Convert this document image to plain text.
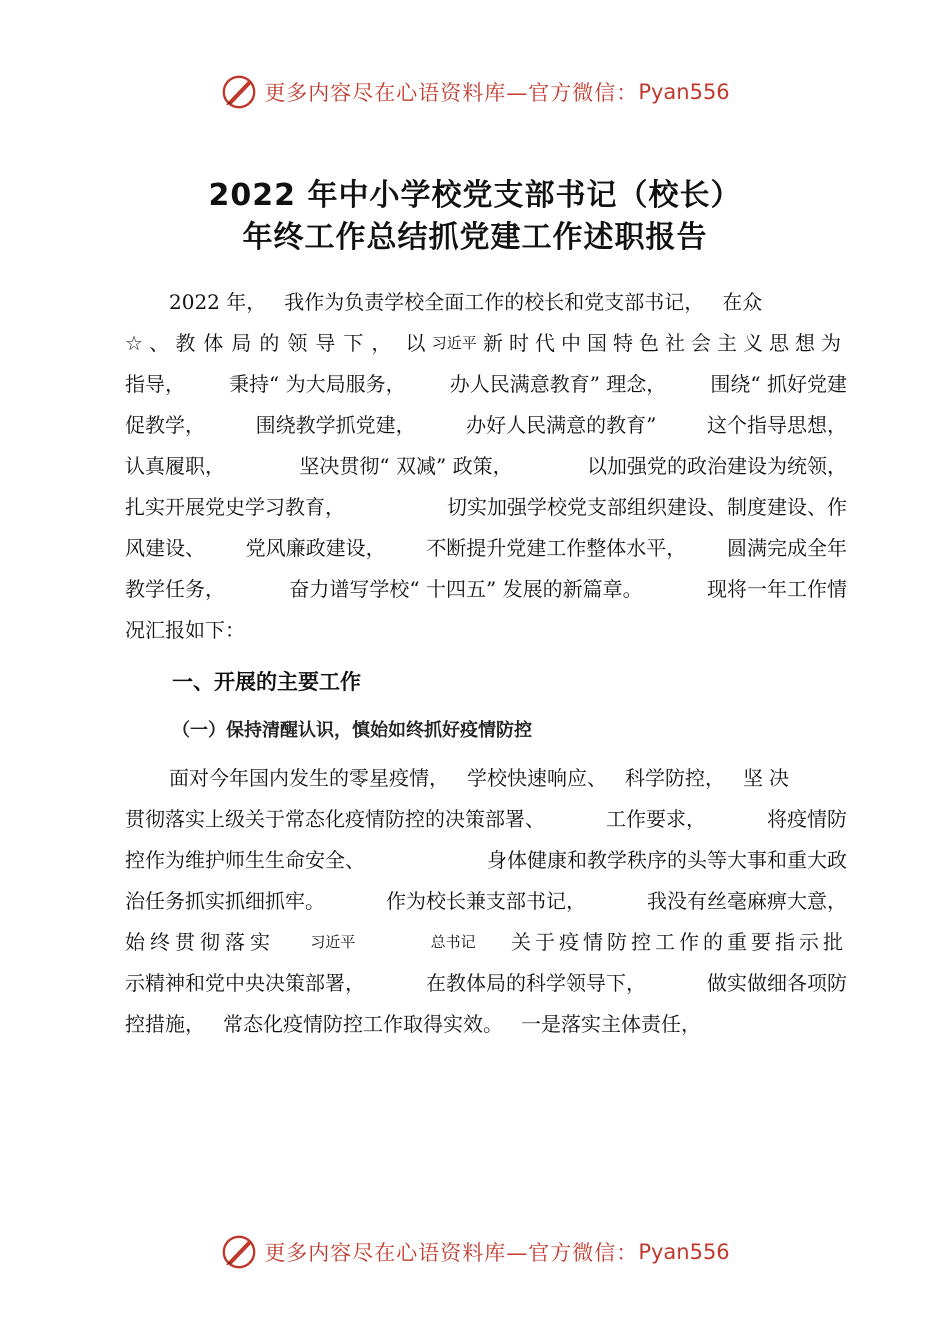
更多内容尽在心语资料库—官方微信： Pyan556
2022 年中小学校党支部书记（校长）
年终工作总结抓党建工作述职报告
2022 年， 我作为负责学校全面工作的校长和党支部书记， 在众
☆ 、 教体局的领导下， 以 习近平 新时代中国特色社会主义思想为
指导， 秉持“ 为大局服务， 办人民满意教育” 理念， 围绕“ 抓好党建
促教学，	围绕教学抓党建，	办好人民满意的教育”	这个指导思想，
认真履职，	坚决贯彻“ 双减” 政策，	以加强党的政治建设为统领，
扎实开展党史学习教育，	切实加强学校党支部组织建设、制度建设、作
风建设、 党风廉政建设， 不断提升党建工作整体水平， 圆满完成全年
教学任务，	奋力谱写学校“ 十四五” 发展的新篇章。	现将一年工作情
况汇报如下：
一、开展的主要工作
（一）保持清醒认识，慎始如终抓好疫情防控
面对今年国内发生的零星疫情， 学校快速响应、 科学防控， 坚决
贯彻落实上级关于常态化疫情防控的决策部署、	工作要求，	将疫情防
控作为维护师生生命安全、	身体健康和教学秩序的头等大事和重大政
治任务抓实抓细抓牢。	作为校长兼支部书记，	我没有丝毫麻痹大意，
始终贯彻落实 习近平	总书记 关于疫情防控工作的重要指示批
示精神和党中央决策部署，	在教体局的科学领导下，	做实做细各项防
控措施， 常态化疫情防控工作取得实效。 一是落实主体责任，
更多内容尽在心语资料库—官方微信： Pyan556
